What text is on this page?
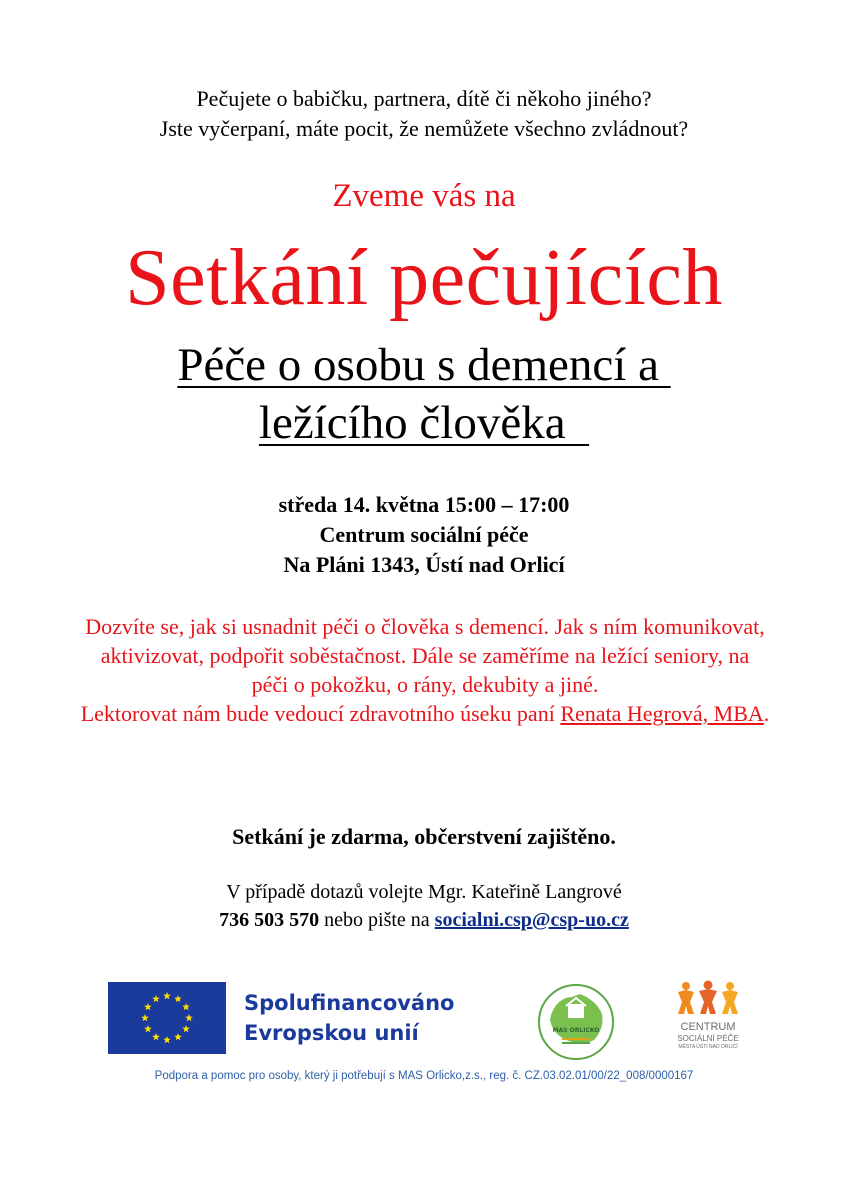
Pečujete o babičku, partnera, dítě či někoho jiného?
Jste vyčerpaní, máte pocit, že nemůžete všechno zvládnout?
Zveme vás na
Setkání pečujících
Péče o osobu s demencí a
ležícího člověka
středa 14. května 15:00 – 17:00
Centrum sociální péče
Na Pláni 1343, Ústí nad Orlicí
Dozvíte se, jak si usnadnit péči o člověka s demencí. Jak s ním komunikovat, aktivizovat, podpořit soběstačnost. Dále se zaměříme na ležící seniory, na péči o pokožku, o rány, dekubity a jiné.
Lektorovat nám bude vedoucí zdravotního úseku paní Renata Hegrová, MBA.
Setkání je zdarma, občerstvení zajištěno.
V případě dotazů volejte Mgr. Kateřině Langrové
736 503 570 nebo pište na socialni.csp@csp-uo.cz
Spolufinancováno
Evropskou unií	MAS ORLICKO	CENTRUM
SOCIÁLNÍ PÉČE
MĚSTA ÚSTÍ NAD ORLICÍ
Podpora a pomoc pro osoby, který ji potřebují s MAS Orlicko,z.s., reg. č. CZ.03.02.01/00/22_008/0000167
